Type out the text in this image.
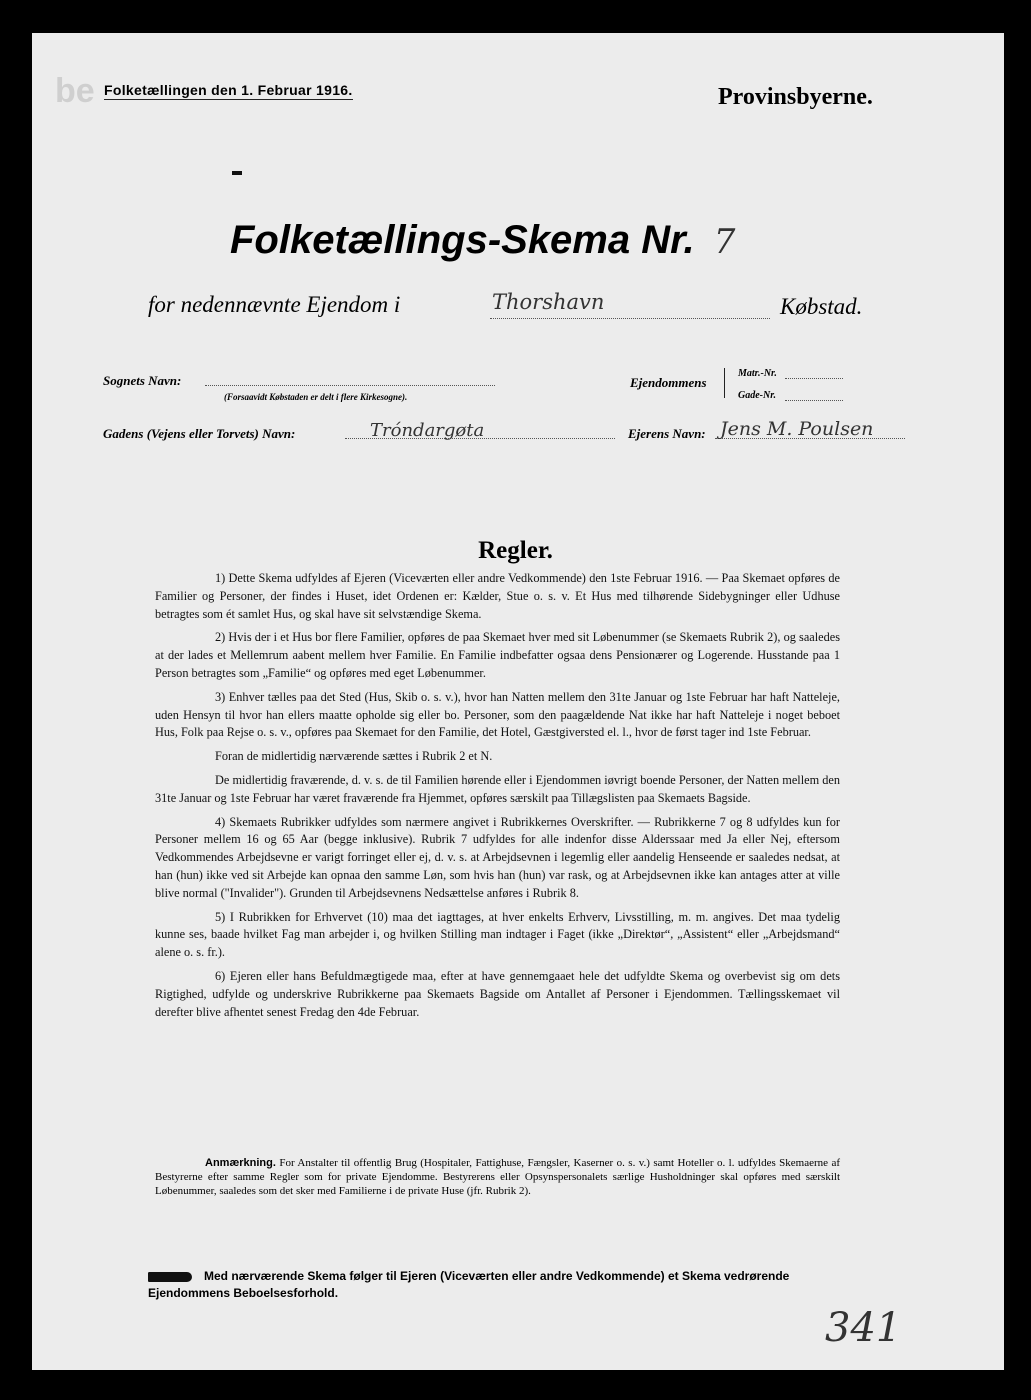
be Folketællingen den 1. Februar 1916.	Provinsbyerne.
Folketællings-Skema Nr. 7
for nedennævnte Ejendom i	Thorshavn	Købstad.
Sognets Navn:
(Forsaavidt Købstaden er delt i flere Kirkesogne).
Ejendommens
Matr.-Nr.
Gade-Nr.
Gadens (Vejens eller Torvets) Navn:	Tróndargøta	Ejerens Navn: Jens M. Poulsen
Regler.

1) Dette Skema udfyldes af Ejeren (Viceværten eller andre Vedkommende) den 1ste Februar 1916. — Paa Skemaet opføres de Familier og Personer, der findes i Huset, idet Ordenen er: Kælder, Stue o. s. v. Et Hus med tilhørende Sidebygninger eller Udhuse betragtes som ét samlet Hus, og skal have sit selvstændige Skema.

2) Hvis der i et Hus bor flere Familier, opføres de paa Skemaet hver med sit Løbenummer (se Skemaets Rubrik 2), og saaledes at der lades et Mellemrum aabent mellem hver Familie. En Familie indbefatter ogsaa dens Pensionærer og Logerende. Husstande paa 1 Person betragtes som „Familie“ og opføres med eget Løbenummer.

3) Enhver tælles paa det Sted (Hus, Skib o. s. v.), hvor han Natten mellem den 31te Januar og 1ste Februar har haft Natteleje, uden Hensyn til hvor han ellers maatte opholde sig eller bo. Personer, som den paagældende Nat ikke har haft Natteleje i noget beboet Hus, Folk paa Rejse o. s. v., opføres paa Skemaet for den Familie, det Hotel, Gæstgiversted el. l., hvor de først tager ind 1ste Februar.

Foran de midlertidig nærværende sættes i Rubrik 2 et N.

De midlertidig fraværende, d. v. s. de til Familien hørende eller i Ejendommen iøvrigt boende Personer, der Natten mellem den 31te Januar og 1ste Februar har været fraværende fra Hjemmet, opføres særskilt paa Tillægslisten paa Skemaets Bagside.

4) Skemaets Rubrikker udfyldes som nærmere angivet i Rubrikkernes Overskrifter. — Rubrikkerne 7 og 8 udfyldes kun for Personer mellem 16 og 65 Aar (begge inklusive). Rubrik 7 udfyldes for alle indenfor disse Alderssaar med Ja eller Nej, eftersom Vedkommendes Arbejdsevne er varigt forringet eller ej, d. v. s. at Arbejdsevnen i legemlig eller aandelig Henseende er saaledes nedsat, at han (hun) ikke ved sit Arbejde kan opnaa den samme Løn, som hvis han (hun) var rask, og at Arbejdsevnen ikke kan antages atter at ville blive normal ("Invalider"). Grunden til Arbejdsevnens Nedsættelse anføres i Rubrik 8.

5) I Rubrikken for Erhvervet (10) maa det iagttages, at hver enkelts Erhverv, Livsstilling, m. m. angives. Det maa tydelig kunne ses, baade hvilket Fag man arbejder i, og hvilken Stilling man indtager i Faget (ikke „Direktør“, „Assistent“ eller „Arbejdsmand“ alene o. s. fr.).

6) Ejeren eller hans Befuldmægtigede maa, efter at have gennemgaaet hele det udfyldte Skema og overbevist sig om dets Rigtighed, udfylde og underskrive Rubrikkerne paa Skemaets Bagside om Antallet af Personer i Ejendommen. Tællingsskemaet vil derefter blive afhentet senest Fredag den 4de Februar.

Anmærkning. For Anstalter til offentlig Brug (Hospitaler, Fattighuse, Fængsler, Kaserner o. s. v.) samt Hoteller o. l. udfyldes Skemaerne af Bestyrerne efter samme Regler som for private Ejendomme. Bestyrerens eller Opsynspersonalets særlige Husholdninger skal opføres med særskilt Løbenummer, saaledes som det sker med Familierne i de private Huse (jfr. Rubrik 2).
Med nærværende Skema følger til Ejeren (Viceværten eller andre Vedkommende) et Skema vedrørende Ejendommens Beboelsesforhold.
341
